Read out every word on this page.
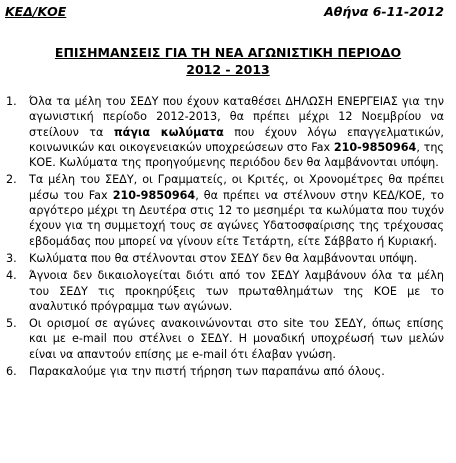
ΚΕΔ/ΚΟΕ	Αθήνα 6-11-2012
ΕΠΙΣΗΜΑΝΣΕΙΣ ΓΙΑ ΤΗ ΝΕΑ ΑΓΩΝΙΣΤΙΚΗ ΠΕΡΙΟΔΟ
2012 - 2013
1. Όλα τα μέλη του ΣΕΔΥ που έχουν καταθέσει ΔΗΛΩΣΗ ΕΝΕΡΓΕΙΑΣ για την αγωνιστική περίοδο 2012-2013, θα πρέπει μέχρι 12 Νοεμβρίου να στείλουν τα πάγια κωλύματα που έχουν λόγω επαγγελματικών, κοινωνικών και οικογενειακών υποχρεώσεων στο Fax 210-9850964, της ΚΟΕ. Κωλύματα της προηγούμενης περιόδου δεν θα λαμβάνονται υπόψη.
2. Τα μέλη του ΣΕΔΥ, οι Γραμματείς, οι Κριτές, οι Χρονομέτρες θα πρέπει μέσω του Fax 210-9850964, θα πρέπει να στέλνουν στην ΚΕΔ/ΚΟΕ, το αργότερο μέχρι τη Δευτέρα στις 12 το μεσημέρι τα κωλύματα που τυχόν έχουν για τη συμμετοχή τους σε αγώνες Υδατοσφαίρισης της τρέχουσας εβδομάδας που μπορεί να γίνουν είτε Τετάρτη, είτε Σάββατο ή Κυριακή.
3. Κωλύματα που θα στέλνονται στον ΣΕΔΥ δεν θα λαμβάνονται υπόψη.
4. Άγνοια δεν δικαιολογείται διότι από τον ΣΕΔΥ λαμβάνουν όλα τα μέλη του ΣΕΔΥ τις προκηρύξεις των πρωταθλημάτων της ΚΟΕ με το αναλυτικό πρόγραμμα των αγώνων.
5. Οι ορισμοί σε αγώνες ανακοινώνονται στο site του ΣΕΔΥ, όπως επίσης και με e-mail που στέλνει ο ΣΕΔΥ. Η μοναδική υποχρέωσή των μελών είναι να απαντούν επίσης με e-mail ότι έλαβαν γνώση.
6. Παρακαλούμε για την πιστή τήρηση των παραπάνω από όλους.
